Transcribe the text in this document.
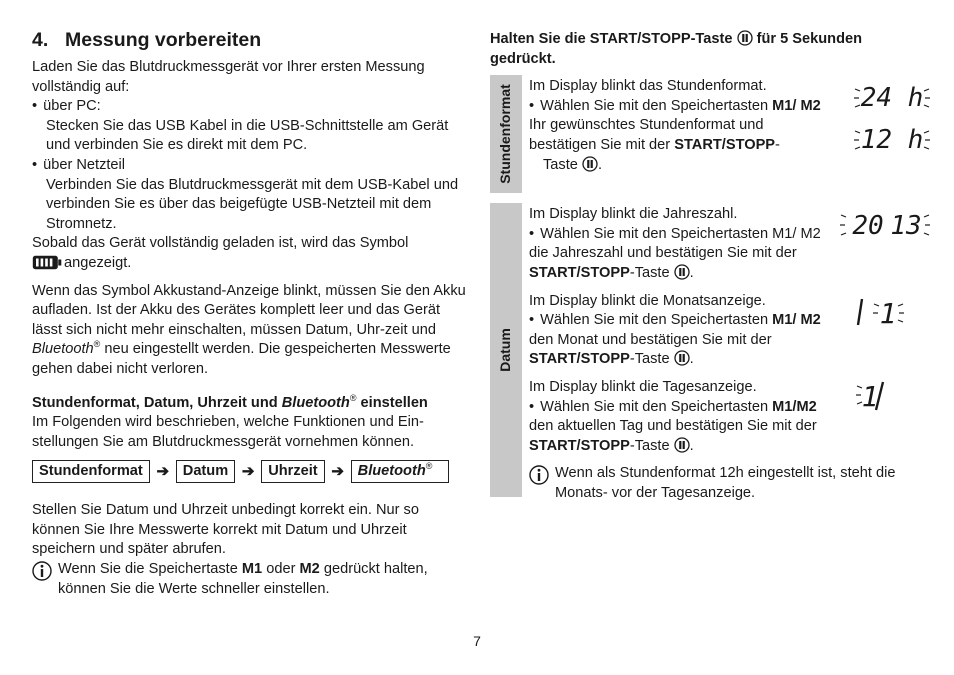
4. Messung vorbereiten

Laden Sie das Blutdruckmessgerät vor Ihrer ersten Messung vollständig auf:

• über PC:

Stecken Sie das USB Kabel in die USB-Schnittstelle am Gerät und verbinden Sie es direkt mit dem PC.

• über Netzteil

Verbinden Sie das Blutdruckmessgerät mit dem USB-Kabel und verbinden Sie es über das beigefügte USB-Netzteil mit dem Stromnetz.

Sobald das Gerät vollständig geladen ist, wird das Symbol
angezeigt.

Wenn das Symbol Akkustand-Anzeige blinkt, müssen Sie den Akku aufladen. Ist der Akku des Gerätes komplett leer und das Gerät lässt sich nicht mehr einschalten, müssen Datum, Uhr-zeit und Bluetooth® neu eingestellt werden. Die gespeicherten Messwerte gehen dabei nicht verloren.

Stundenformat, Datum, Uhrzeit und Bluetooth® einstellen

Im Folgenden wird beschrieben, welche Funktionen und Ein-stellungen Sie am Blutdruckmessgerät vornehmen können.

Stundenformat ➔ Datum ➔ Uhrzeit ➔ Bluetooth®

Stellen Sie Datum und Uhrzeit unbedingt korrekt ein. Nur so können Sie Ihre Messwerte korrekt mit Datum und Uhrzeit speichern und später abrufen.

Wenn Sie die Speichertaste M1 oder M2 gedrückt halten, können Sie die Werte schneller einstellen.

Halten Sie die START/STOPP-Taste für 5 Sekunden gedrückt.

Stundenformat Im Display blinkt das Stundenformat.

• Wählen Sie mit den Speichertasten M1/ M2 Ihr gewünschtes Stundenformat und bestätigen Sie mit der START/STOPP-
Taste .

24 h
12 h
Datum

Im Display blinkt die Jahreszahl.

• Wählen Sie mit den Speichertasten M1/ M2 die Jahreszahl und bestätigen Sie mit der START/STOPP-Taste .

20 13

Im Display blinkt die Monatsanzeige.

• Wählen Sie mit den Speichertasten M1/ M2 den Monat und bestätigen Sie mit der START/STOPP-Taste .

1

Im Display blinkt die Tagesanzeige.

• Wählen Sie mit den Speichertasten M1/M2 den aktuellen Tag und bestätigen Sie mit der START/STOPP-Taste .

1

Wenn als Stundenformat 12h eingestellt ist, steht die Monats- vor der Tagesanzeige.

7
